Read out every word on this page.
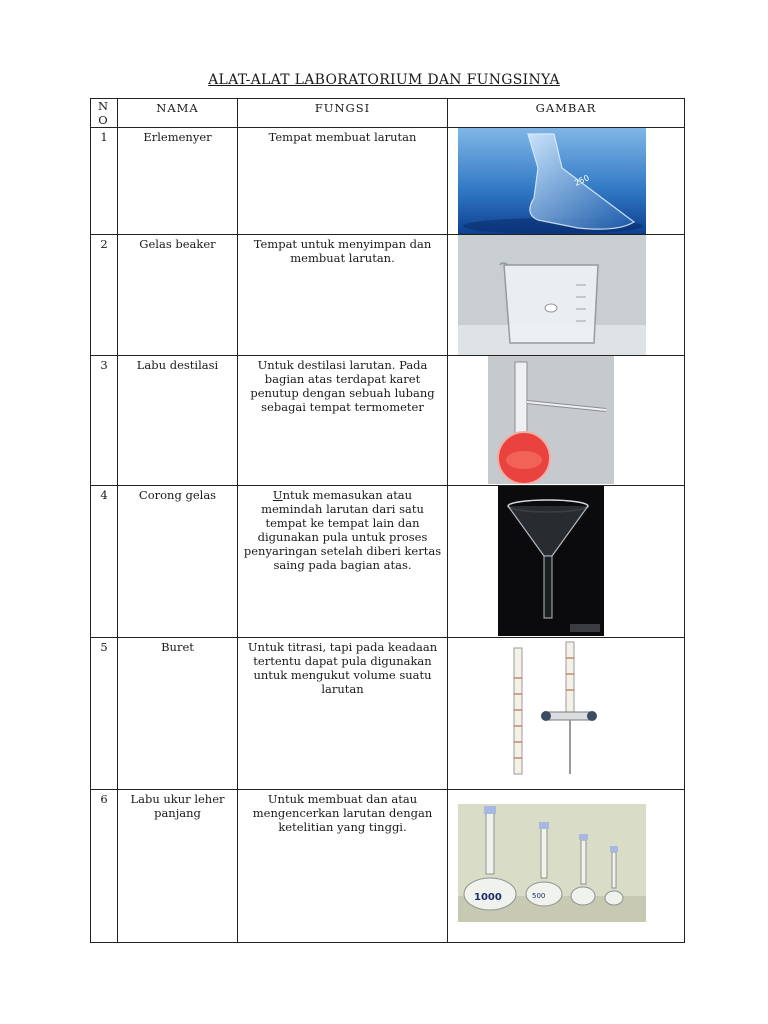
ALAT-ALAT LABORATORIUM DAN FUNGSINYA
N O	NAMA	FUNGSI	GAMBAR
1	Erlemenyer	Tempat membuat larutan	250

2	Gelas beaker	Tempat untuk menyimpan dan membuat larutan.	

3	Labu destilasi	Untuk destilasi larutan. Pada bagian atas terdapat karet penutup dengan sebuah lubang sebagai tempat termometer	

4	Corong gelas	Untuk memasukan atau memindah larutan dari satu tempat ke tempat lain dan digunakan pula untuk proses penyaringan setelah diberi kertas saing pada bagian atas.	

5	Buret	Untuk titrasi, tapi pada keadaan tertentu dapat pula digunakan untuk mengukut volume suatu larutan	

6	Labu ukur leher panjang	Untuk membuat dan atau mengencerkan larutan dengan ketelitian yang tinggi.	1000 500
